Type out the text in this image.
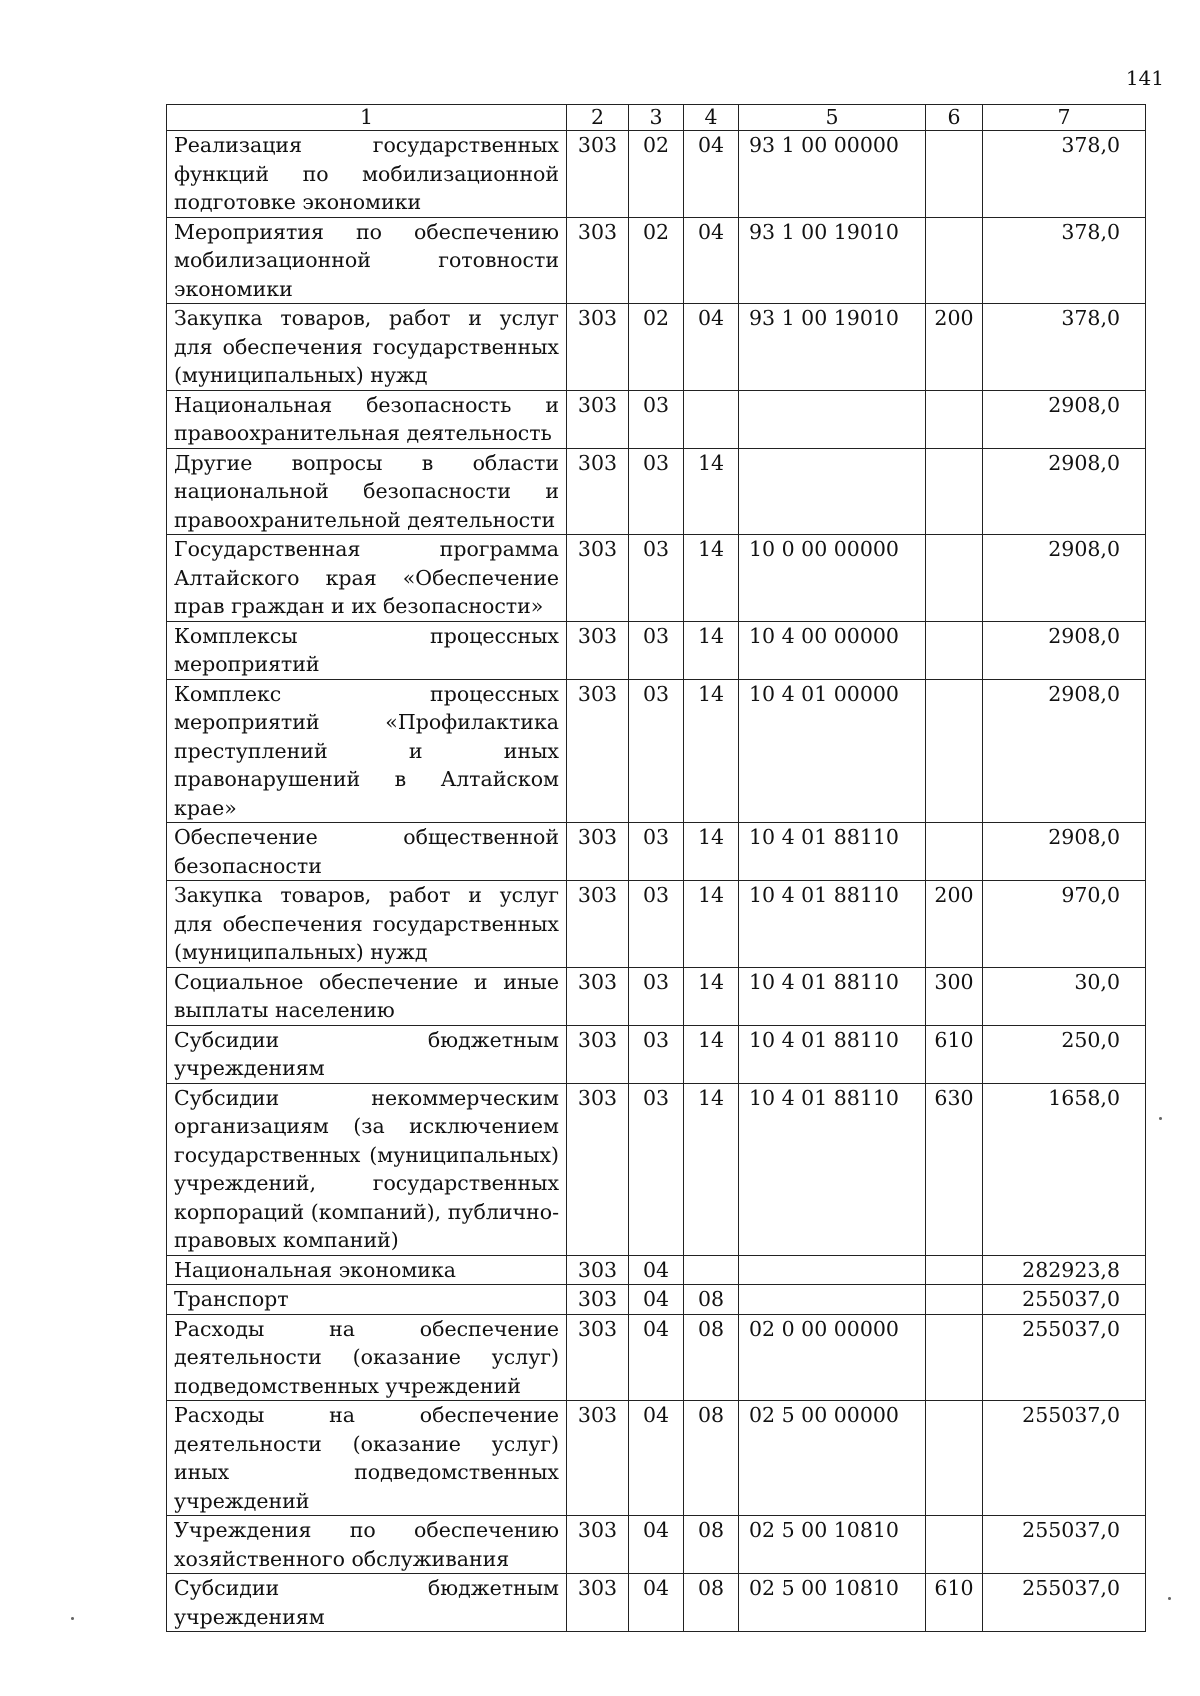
141
1	2	3	4	5	6	7
Реализация государственных функций по мобилизационной подготовке экономики	303	02	04	93 1 00 00000		378,0
Мероприятия по обеспечению мобилизационной готовности экономики	303	02	04	93 1 00 19010		378,0
Закупка товаров, работ и услуг для обеспечения государственных (муниципальных) нужд	303	02	04	93 1 00 19010	200	378,0
Национальная безопасность и правоохранительная деятельность	303	03				2908,0
Другие вопросы в области национальной безопасности и правоохранительной деятельности	303	03	14			2908,0
Государственная программа Алтайского края «Обеспечение прав граждан и их безопасности»	303	03	14	10 0 00 00000		2908,0
Комплексы процессных мероприятий	303	03	14	10 4 00 00000		2908,0
Комплекс процессных мероприятий «Профилактика преступлений и иных правонарушений в Алтайском крае»	303	03	14	10 4 01 00000		2908,0
Обеспечение общественной безопасности	303	03	14	10 4 01 88110		2908,0
Закупка товаров, работ и услуг для обеспечения государственных (муниципальных) нужд	303	03	14	10 4 01 88110	200	970,0
Социальное обеспечение и иные выплаты населению	303	03	14	10 4 01 88110	300	30,0
Субсидии бюджетным учреждениям	303	03	14	10 4 01 88110	610	250,0
Субсидии некоммерческим организациям (за исключением государственных (муниципальных) учреждений, государственных корпораций (компаний), публично-правовых компаний)	303	03	14	10 4 01 88110	630	1658,0
Национальная экономика	303	04				282923,8
Транспорт	303	04	08			255037,0
Расходы на обеспечение деятельности (оказание услуг) подведомственных учреждений	303	04	08	02 0 00 00000		255037,0
Расходы на обеспечение деятельности (оказание услуг) иных подведомственных учреждений	303	04	08	02 5 00 00000		255037,0
Учреждения по обеспечению хозяйственного обслуживания	303	04	08	02 5 00 10810		255037,0
Субсидии бюджетным учреждениям	303	04	08	02 5 00 10810	610	255037,0
